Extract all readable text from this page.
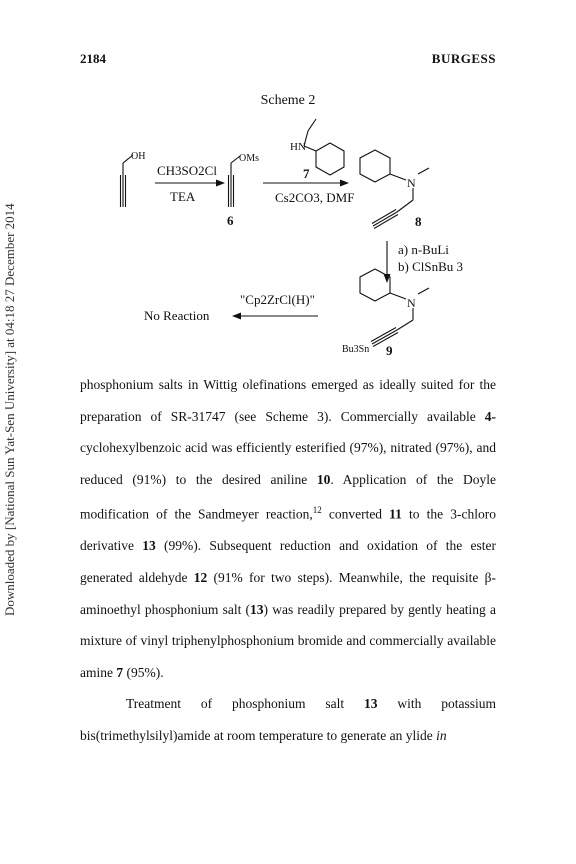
2184	BURGESS
Downloaded by [National Sun Yat-Sen University] at 04:18 27 December 2014
Scheme 2
OH	OMs
CH3SO2Cl
TEA
6
HN
7
Cs2CO3, DMF
N
8
a) n-BuLi
b) ClSnBu 3
N
Bu3Sn 9
"Cp2ZrCl(H)"
No Reaction

phosphonium salts in Wittig olefinations emerged as ideally suited for the preparation of SR-31747 (see Scheme 3). Commercially available 4-cyclohexylbenzoic acid was efficiently esterified (97%), nitrated (97%), and reduced (91%) to the desired aniline 10. Application of the Doyle modification of the Sandmeyer reaction,$^{12}$ converted 11 to the 3-chloro derivative 13 (99%). Subsequent reduction and oxidation of the ester generated aldehyde 12 (91% for two steps). Meanwhile, the requisite β-aminoethyl phosphonium salt (13) was readily prepared by gently heating a mixture of vinyl triphenylphosphonium bromide and commercially available amine 7 (95%).

Treatment of phosphonium salt 13 with potassium bis(trimethylsilyl)amide at room temperature to generate an ylide in
